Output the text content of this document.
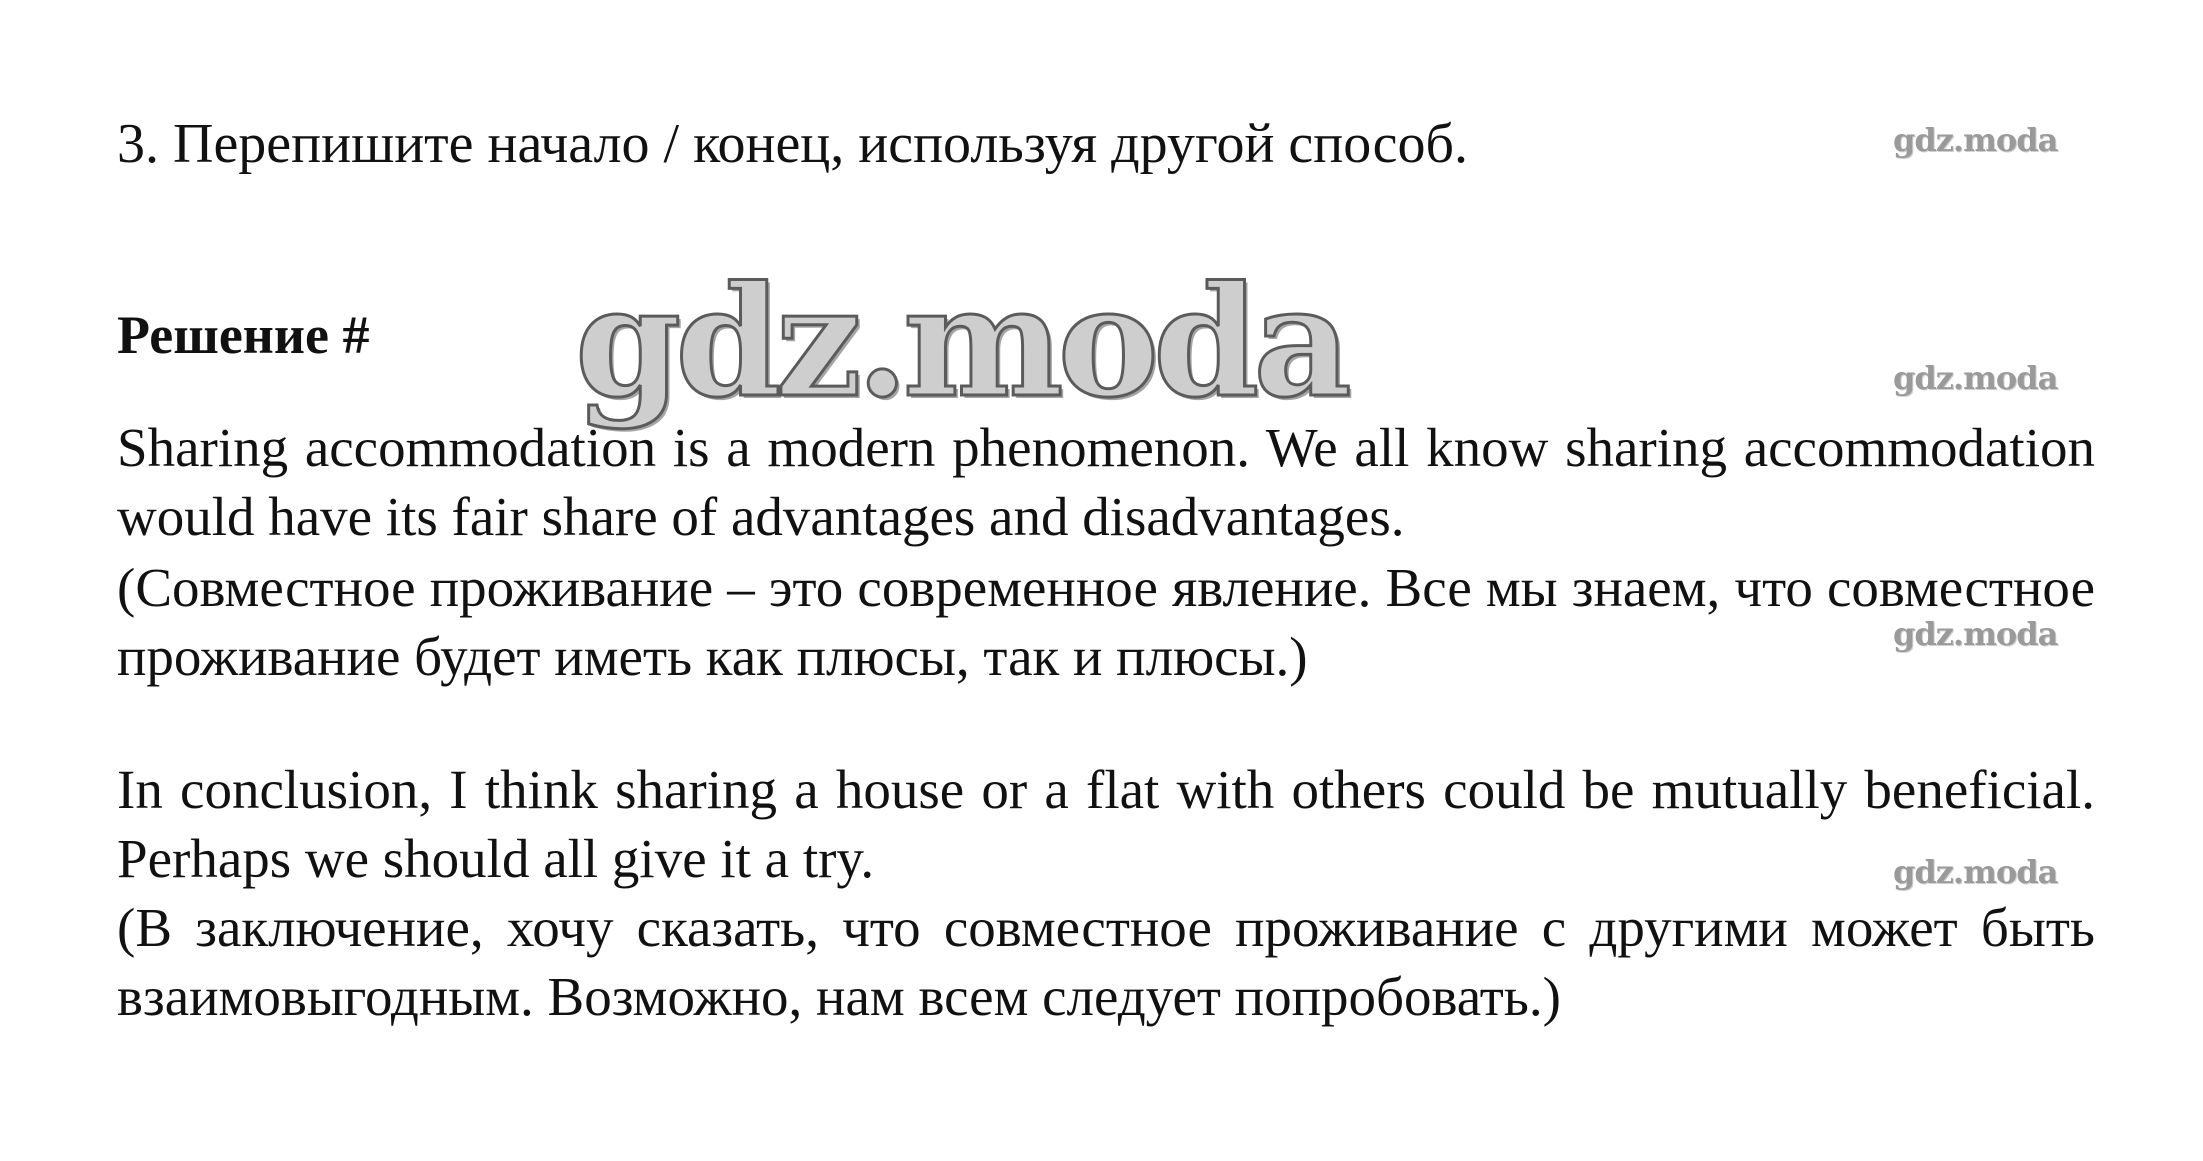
3. Перепишите начало / конец, используя другой способ.
Решение #

Sharing accommodation is a modern phenomenon. We all know sharing accommodation would have its fair share of advantages and disadvantages.

(Совместное проживание – это современное явление. Все мы знаем, что совместное проживание будет иметь как плюсы, так и плюсы.)

In conclusion, I think sharing a house or a flat with others could be mutually beneficial. Perhaps we should all give it a try.

(В заключение, хочу сказать, что совместное проживание с другими может быть взаимовыгодным. Возможно, нам всем следует попробовать.)

gdz.moda
gdz.moda
gdz.moda
gdz.moda
gdz.moda
